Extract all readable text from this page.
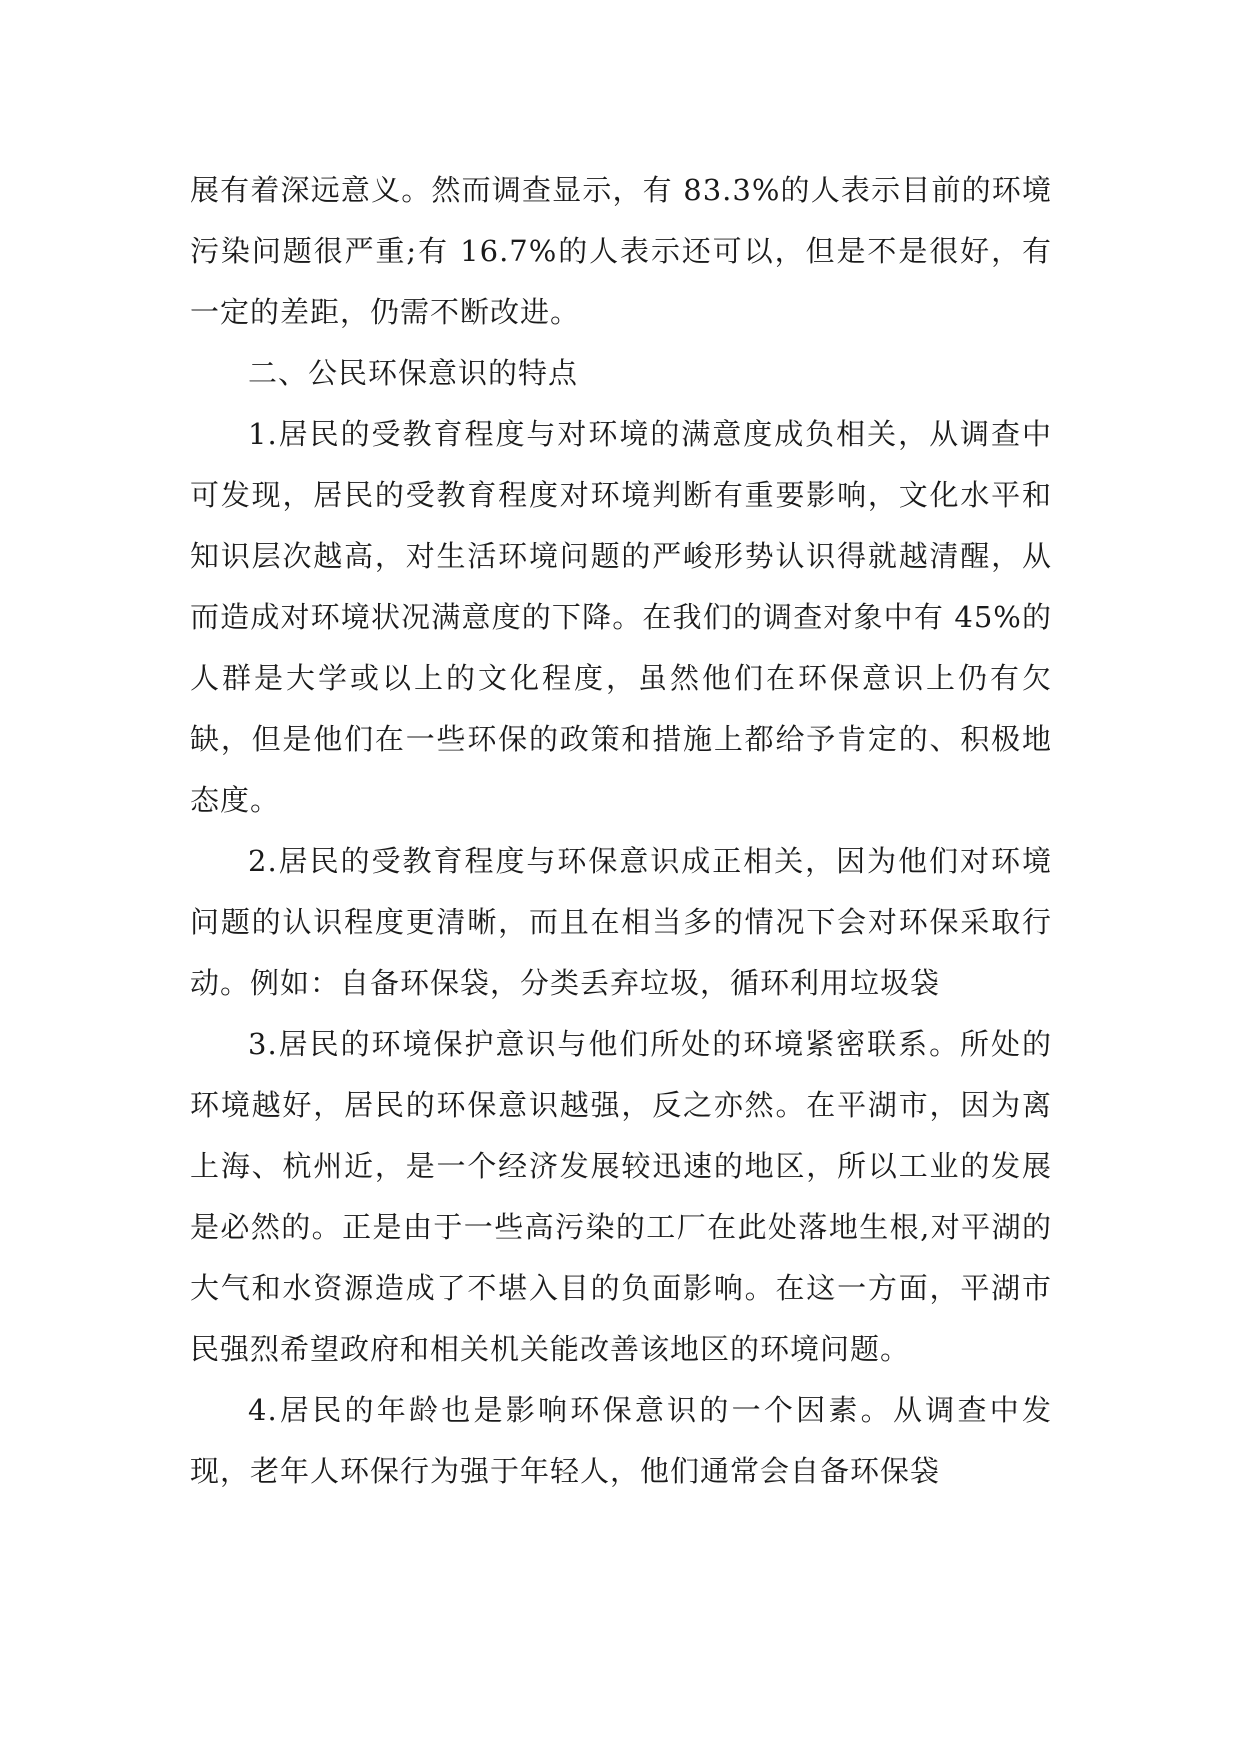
展有着深远意义。然而调查显示，有 83.3%的人表示目前的环境污染问题很严重;有 16.7%的人表示还可以，但是不是很好，有一定的差距，仍需不断改进。

二、公民环保意识的特点

1.居民的受教育程度与对环境的满意度成负相关，从调查中可发现，居民的受教育程度对环境判断有重要影响，文化水平和知识层次越高，对生活环境问题的严峻形势认识得就越清醒，从而造成对环境状况满意度的下降。在我们的调查对象中有 45%的人群是大学或以上的文化程度，虽然他们在环保意识上仍有欠缺，但是他们在一些环保的政策和措施上都给予肯定的、积极地态度。

2.居民的受教育程度与环保意识成正相关，因为他们对环境问题的认识程度更清晰，而且在相当多的情况下会对环保采取行动。例如：自备环保袋，分类丢弃垃圾，循环利用垃圾袋

3.居民的环境保护意识与他们所处的环境紧密联系。所处的环境越好，居民的环保意识越强，反之亦然。在平湖市，因为离上海、杭州近，是一个经济发展较迅速的地区，所以工业的发展是必然的。正是由于一些高污染的工厂在此处落地生根,对平湖的大气和水资源造成了不堪入目的负面影响。在这一方面，平湖市民强烈希望政府和相关机关能改善该地区的环境问题。

4.居民的年龄也是影响环保意识的一个因素。从调查中发现，老年人环保行为强于年轻人，他们通常会自备环保袋
